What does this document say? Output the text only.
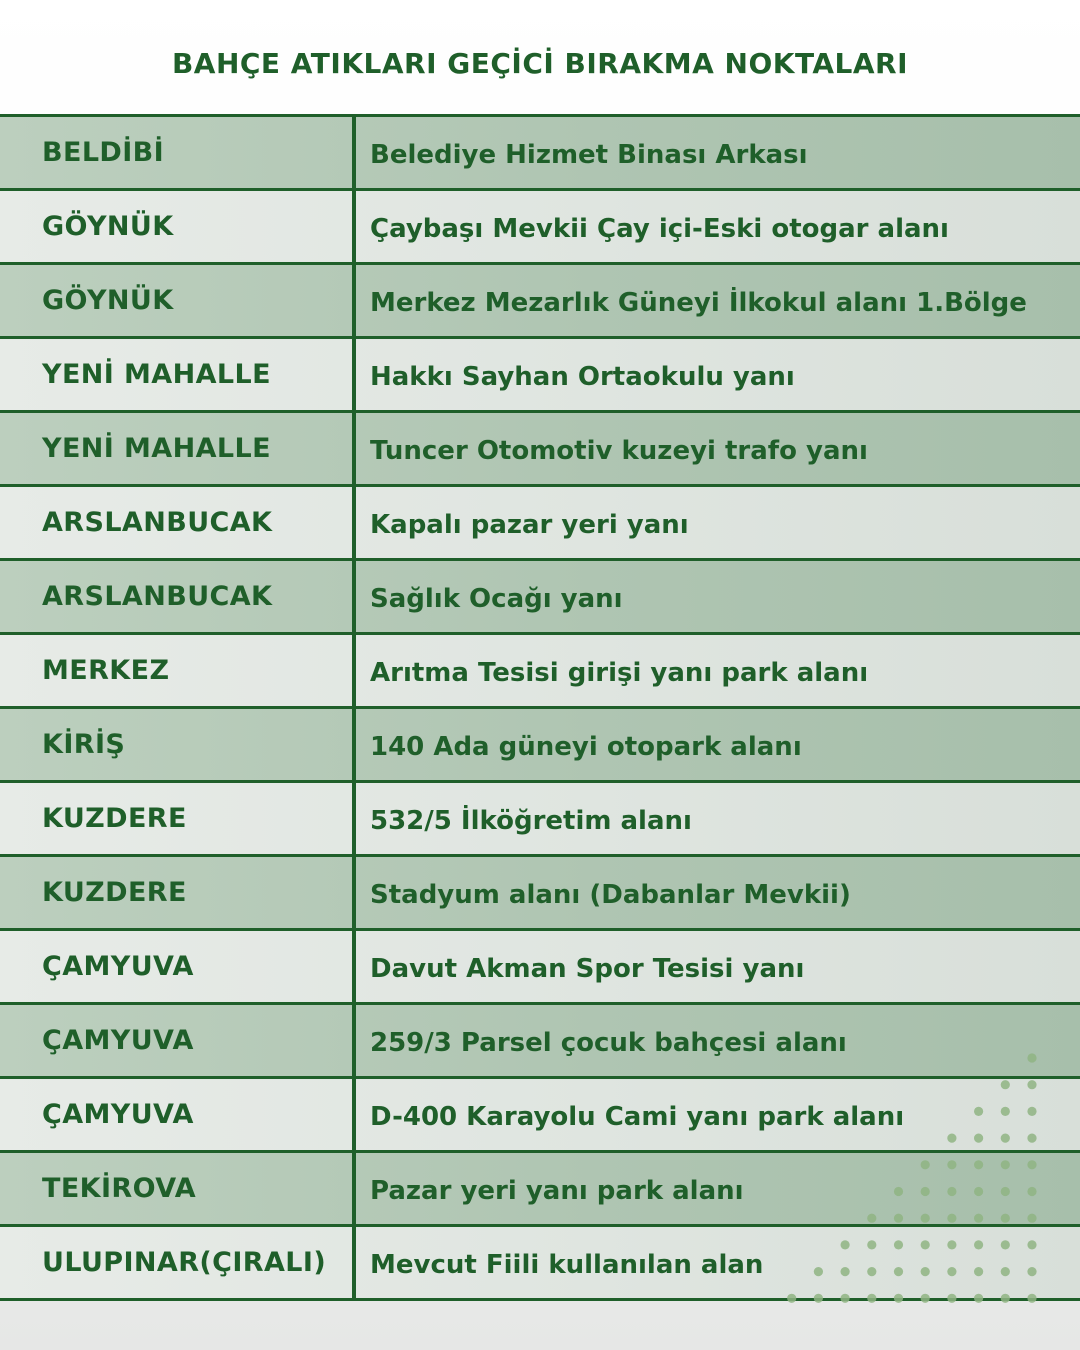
BAHÇE ATIKLARI GEÇİCİ BIRAKMA NOKTALARI
BELDİBİ	Belediye Hizmet Binası Arkası
GÖYNÜK	Çaybaşı Mevkii Çay içi-Eski otogar alanı
GÖYNÜK	Merkez Mezarlık Güneyi İlkokul alanı 1.Bölge
YENİ MAHALLE	Hakkı Sayhan Ortaokulu yanı
YENİ MAHALLE	Tuncer Otomotiv kuzeyi trafo yanı
ARSLANBUCAK	Kapalı pazar yeri yanı
ARSLANBUCAK	Sağlık Ocağı yanı
MERKEZ	Arıtma Tesisi girişi yanı park alanı
KİRİŞ	140 Ada güneyi otopark alanı
KUZDERE	532/5 İlköğretim alanı
KUZDERE	Stadyum alanı (Dabanlar Mevkii)
ÇAMYUVA	Davut Akman Spor Tesisi yanı
ÇAMYUVA	259/3 Parsel çocuk bahçesi alanı
ÇAMYUVA	D-400 Karayolu Cami yanı park alanı
TEKİROVA	Pazar yeri yanı park alanı
ULUPINAR(ÇIRALI)	Mevcut Fiili kullanılan alan
